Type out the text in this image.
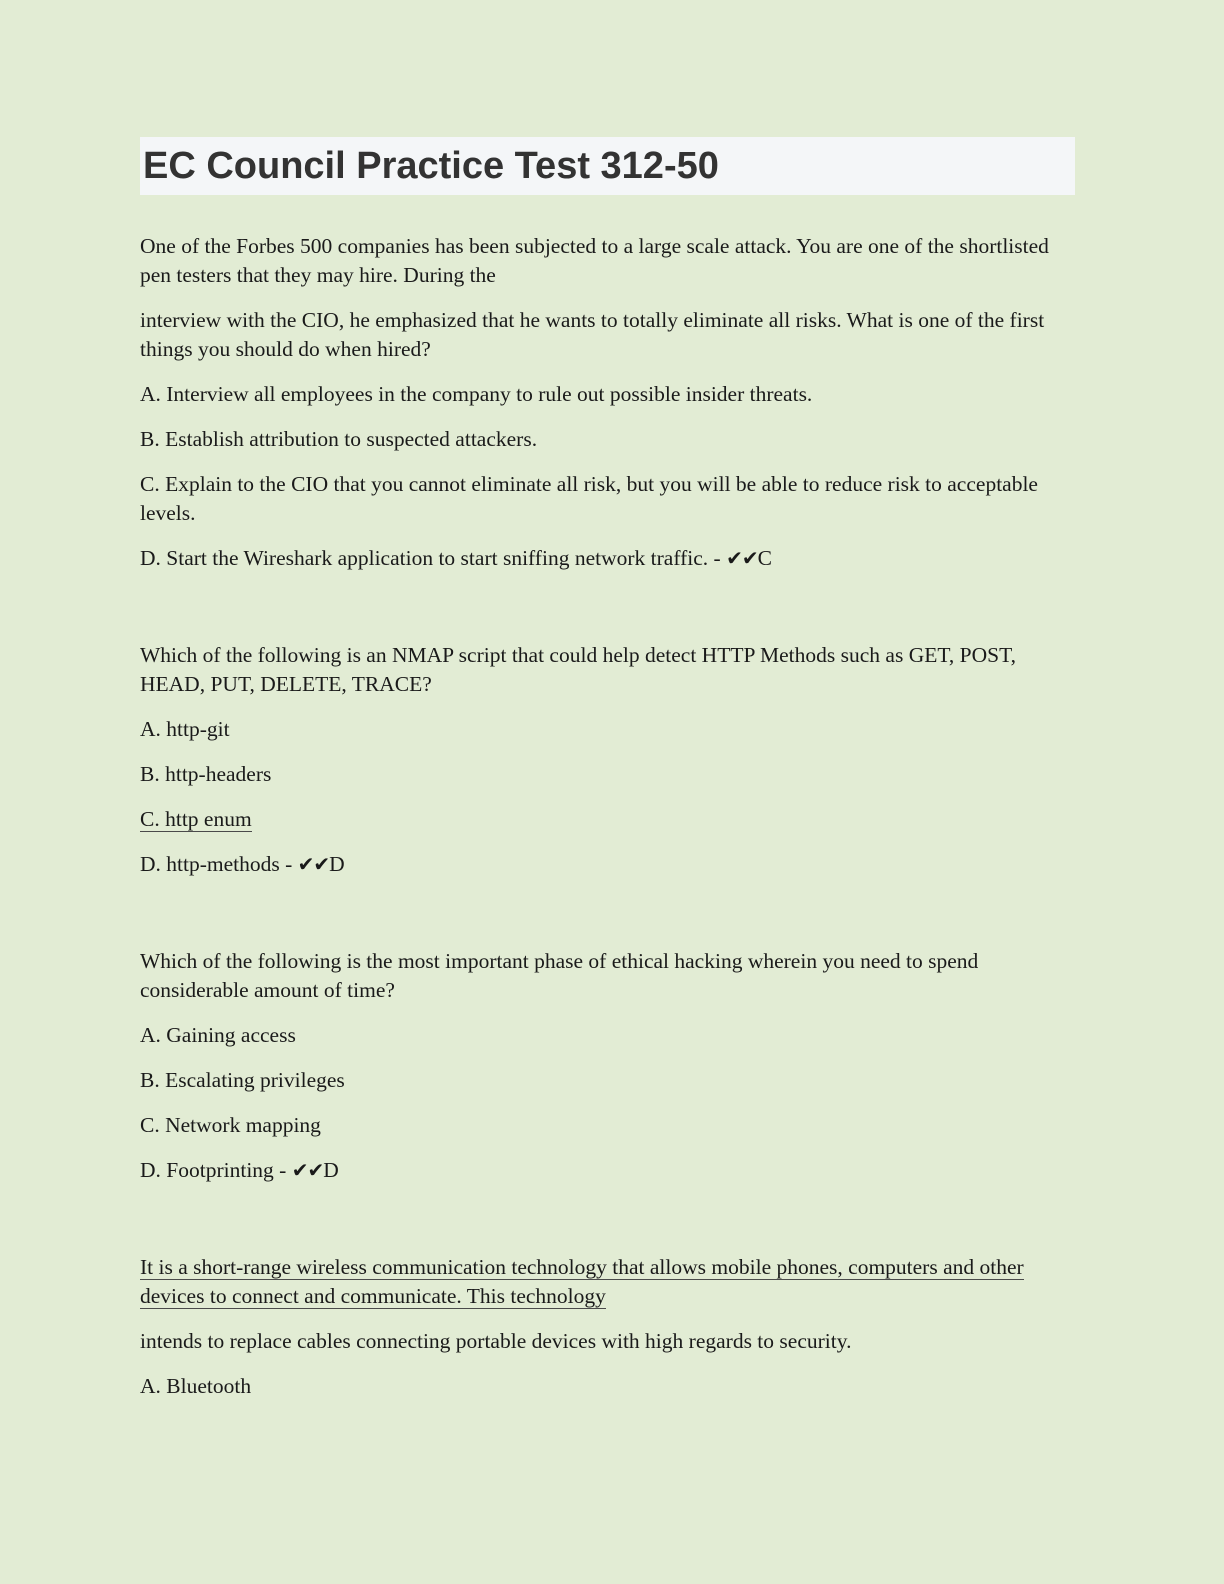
EC Council Practice Test 312-50

One of the Forbes 500 companies has been subjected to a large scale attack. You are one of the shortlisted pen testers that they may hire. During the

interview with the CIO, he emphasized that he wants to totally eliminate all risks. What is one of the first things you should do when hired?

A. Interview all employees in the company to rule out possible insider threats.

B. Establish attribution to suspected attackers.

C. Explain to the CIO that you cannot eliminate all risk, but you will be able to reduce risk to acceptable levels.

D. Start the Wireshark application to start sniffing network traffic. - ✔✔C

Which of the following is an NMAP script that could help detect HTTP Methods such as GET, POST, HEAD, PUT, DELETE, TRACE?

A. http-git

B. http-headers

C. http enum

D. http-methods - ✔✔D

Which of the following is the most important phase of ethical hacking wherein you need to spend considerable amount of time?

A. Gaining access

B. Escalating privileges

C. Network mapping

D. Footprinting - ✔✔D

It is a short-range wireless communication technology that allows mobile phones, computers and other devices to connect and communicate. This technology

intends to replace cables connecting portable devices with high regards to security.

A. Bluetooth
